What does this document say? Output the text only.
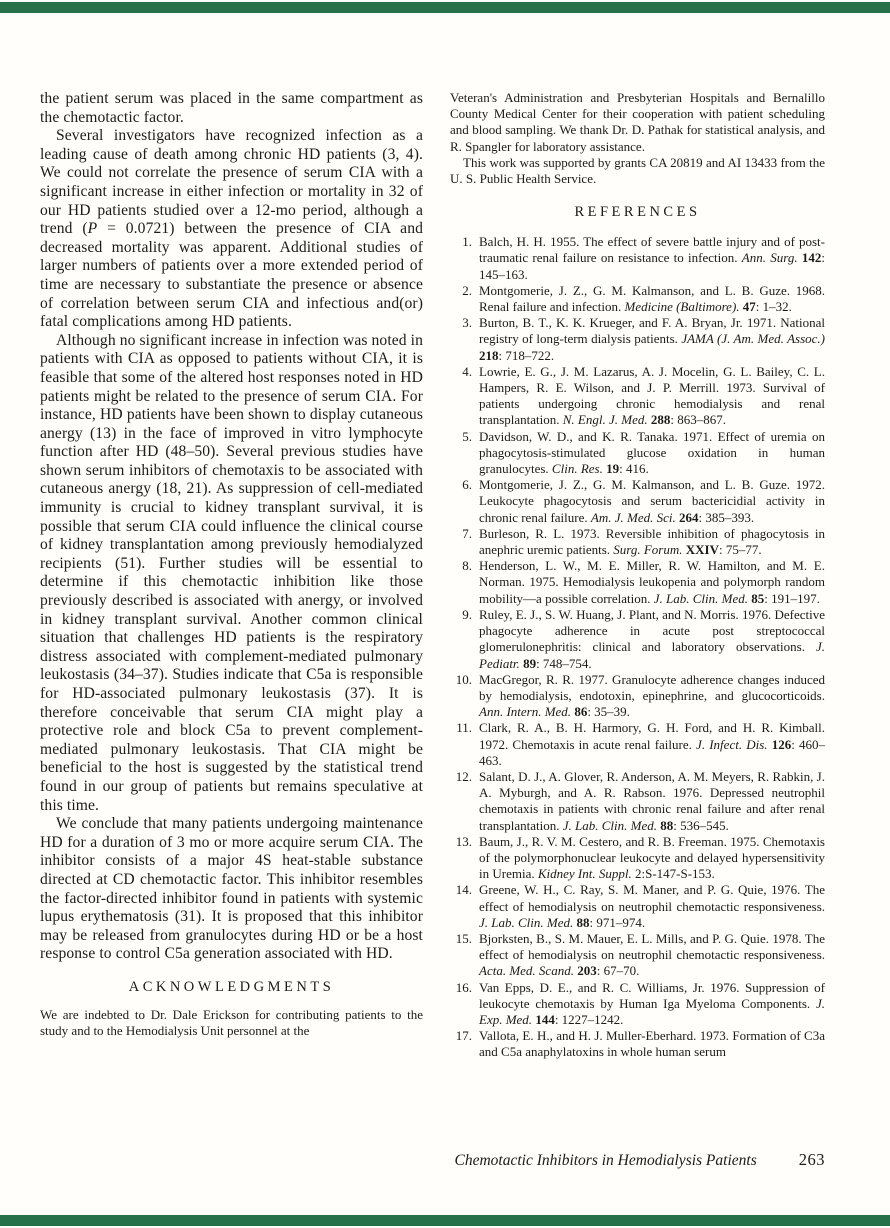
the patient serum was placed in the same compartment as the chemotactic factor.

Several investigators have recognized infection as a leading cause of death among chronic HD patients (3, 4). We could not correlate the presence of serum CIA with a significant increase in either infection or mortality in 32 of our HD patients studied over a 12-mo period, although a trend (P = 0.0721) between the presence of CIA and decreased mortality was apparent. Additional studies of larger numbers of patients over a more extended period of time are necessary to substantiate the presence or absence of correlation between serum CIA and infectious and(or) fatal complications among HD patients.

Although no significant increase in infection was noted in patients with CIA as opposed to patients without CIA, it is feasible that some of the altered host responses noted in HD patients might be related to the presence of serum CIA. For instance, HD patients have been shown to display cutaneous anergy (13) in the face of improved in vitro lymphocyte function after HD (48–50). Several previous studies have shown serum inhibitors of chemotaxis to be associated with cutaneous anergy (18, 21). As suppression of cell-mediated immunity is crucial to kidney transplant survival, it is possible that serum CIA could influence the clinical course of kidney transplantation among previously hemodialyzed recipients (51). Further studies will be essential to determine if this chemotactic inhibition like those previously described is associated with anergy, or involved in kidney transplant survival. Another common clinical situation that challenges HD patients is the respiratory distress associated with complement-mediated pulmonary leukostasis (34–37). Studies indicate that C5a is responsible for HD-associated pulmonary leukostasis (37). It is therefore conceivable that serum CIA might play a protective role and block C5a to prevent complement-mediated pulmonary leukostasis. That CIA might be beneficial to the host is suggested by the statistical trend found in our group of patients but remains speculative at this time.

We conclude that many patients undergoing maintenance HD for a duration of 3 mo or more acquire serum CIA. The inhibitor consists of a major 4S heat-stable substance directed at CD chemotactic factor. This inhibitor resembles the factor-directed inhibitor found in patients with systemic lupus erythematosis (31). It is proposed that this inhibitor may be released from granulocytes during HD or be a host response to control C5a generation associated with HD.

ACKNOWLEDGMENTS

We are indebted to Dr. Dale Erickson for contributing patients to the study and to the Hemodialysis Unit personnel at the

Veteran's Administration and Presbyterian Hospitals and Bernalillo County Medical Center for their cooperation with patient scheduling and blood sampling. We thank Dr. D. Pathak for statistical analysis, and R. Spangler for laboratory assistance.

This work was supported by grants CA 20819 and AI 13433 from the U. S. Public Health Service.

REFERENCES
1. Balch, H. H. 1955. The effect of severe battle injury and of post-traumatic renal failure on resistance to infection. Ann. Surg. 142: 145–163.
2. Montgomerie, J. Z., G. M. Kalmanson, and L. B. Guze. 1968. Renal failure and infection. Medicine (Baltimore). 47: 1–32.
3. Burton, B. T., K. K. Krueger, and F. A. Bryan, Jr. 1971. National registry of long-term dialysis patients. JAMA (J. Am. Med. Assoc.) 218: 718–722.
4. Lowrie, E. G., J. M. Lazarus, A. J. Mocelin, G. L. Bailey, C. L. Hampers, R. E. Wilson, and J. P. Merrill. 1973. Survival of patients undergoing chronic hemodialysis and renal transplantation. N. Engl. J. Med. 288: 863–867.
5. Davidson, W. D., and K. R. Tanaka. 1971. Effect of uremia on phagocytosis-stimulated glucose oxidation in human granulocytes. Clin. Res. 19: 416.
6. Montgomerie, J. Z., G. M. Kalmanson, and L. B. Guze. 1972. Leukocyte phagocytosis and serum bactericidial activity in chronic renal failure. Am. J. Med. Sci. 264: 385–393.
7. Burleson, R. L. 1973. Reversible inhibition of phagocytosis in anephric uremic patients. Surg. Forum. XXIV: 75–77.
8. Henderson, L. W., M. E. Miller, R. W. Hamilton, and M. E. Norman. 1975. Hemodialysis leukopenia and polymorph random mobility—a possible correlation. J. Lab. Clin. Med. 85: 191–197.
9. Ruley, E. J., S. W. Huang, J. Plant, and N. Morris. 1976. Defective phagocyte adherence in acute post streptococcal glomerulonephritis: clinical and laboratory observations. J. Pediatr. 89: 748–754.
10. MacGregor, R. R. 1977. Granulocyte adherence changes induced by hemodialysis, endotoxin, epinephrine, and glucocorticoids. Ann. Intern. Med. 86: 35–39.
11. Clark, R. A., B. H. Harmory, G. H. Ford, and H. R. Kimball. 1972. Chemotaxis in acute renal failure. J. Infect. Dis. 126: 460–463.
12. Salant, D. J., A. Glover, R. Anderson, A. M. Meyers, R. Rabkin, J. A. Myburgh, and A. R. Rabson. 1976. Depressed neutrophil chemotaxis in patients with chronic renal failure and after renal transplantation. J. Lab. Clin. Med. 88: 536–545.
13. Baum, J., R. V. M. Cestero, and R. B. Freeman. 1975. Chemotaxis of the polymorphonuclear leukocyte and delayed hypersensitivity in Uremia. Kidney Int. Suppl. 2:S-147-S-153.
14. Greene, W. H., C. Ray, S. M. Maner, and P. G. Quie, 1976. The effect of hemodialysis on neutrophil chemotactic responsiveness. J. Lab. Clin. Med. 88: 971–974.
15. Bjorksten, B., S. M. Mauer, E. L. Mills, and P. G. Quie. 1978. The effect of hemodialysis on neutrophil chemotactic responsiveness. Acta. Med. Scand. 203: 67–70.
16. Van Epps, D. E., and R. C. Williams, Jr. 1976. Suppression of leukocyte chemotaxis by Human Iga Myeloma Components. J. Exp. Med. 144: 1227–1242.
17. Vallota, E. H., and H. J. Muller-Eberhard. 1973. Formation of C3a and C5a anaphylatoxins in whole human serum
Chemotactic Inhibitors in Hemodialysis Patients	263
